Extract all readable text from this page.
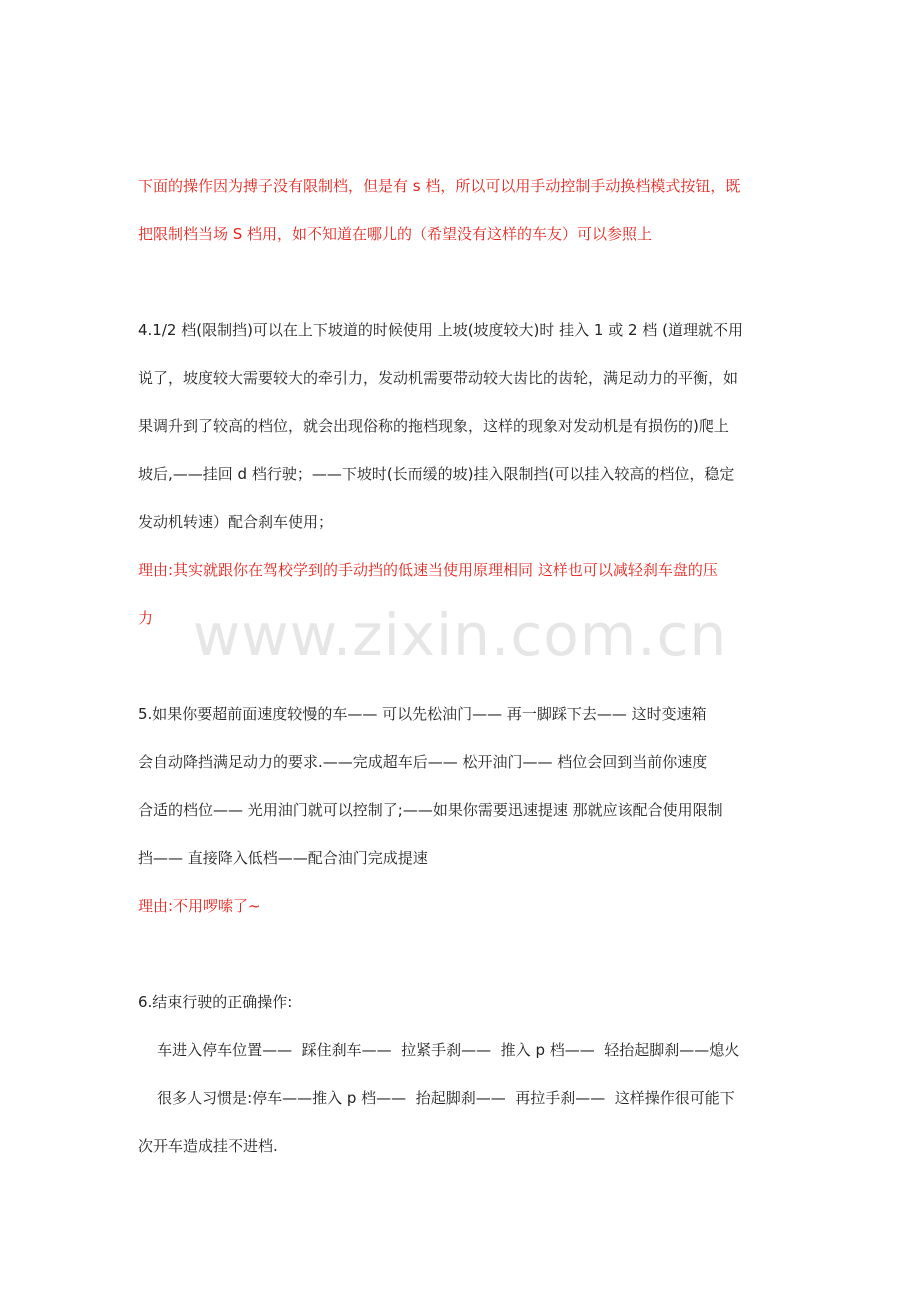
www.zixin.com.cn
下面的操作因为搏子没有限制档，但是有 s 档，所以可以用手动控制手动换档模式按钮，既
把限制档当场 S 档用，如不知道在哪儿的（希望没有这样的车友）可以参照上
4.1/2 档(限制挡)可以在上下坡道的时候使用 上坡(坡度较大)时 挂入 1 或 2 档 (道理就不用
说了，坡度较大需要较大的牵引力，发动机需要带动较大齿比的齿轮，满足动力的平衡，如
果调升到了较高的档位，就会出现俗称的拖档现象，这样的现象对发动机是有损伤的)爬上
坡后,——挂回 d 档行驶；——下坡时(长而缓的坡)挂入限制挡(可以挂入较高的档位，稳定
发动机转速）配合刹车使用；
理由:其实就跟你在驾校学到的手动挡的低速当使用原理相同 这样也可以减轻刹车盘的压
力
5.如果你要超前面速度较慢的车—— 可以先松油门—— 再一脚踩下去—— 这时变速箱
会自动降挡满足动力的要求.——完成超车后—— 松开油门—— 档位会回到当前你速度
合适的档位—— 光用油门就可以控制了;——如果你需要迅速提速 那就应该配合使用限制
挡—— 直接降入低档——配合油门完成提速
理由:不用啰嗦了~
6.结束行驶的正确操作:
车进入停车位置——  踩住刹车——  拉紧手刹——  推入 p 档——  轻抬起脚刹——熄火
很多人习惯是:停车——推入 p 档——  抬起脚刹——  再拉手刹——  这样操作很可能下
次开车造成挂不进档.
